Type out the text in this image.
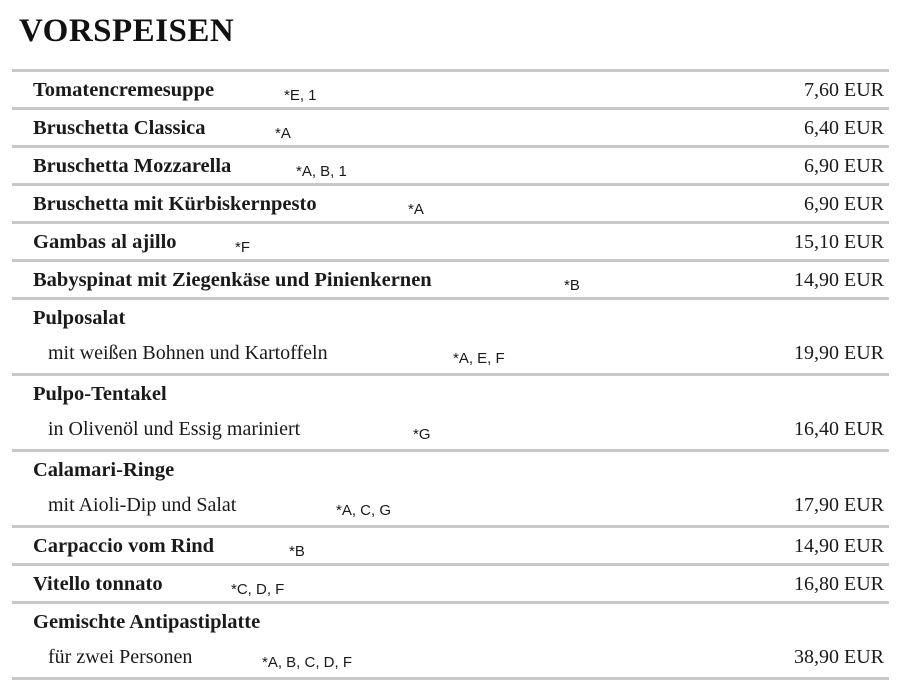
VORSPEISEN
Tomatencremesuppe	*E, 1	7,60 EUR
Bruschetta Classica	*A	6,40 EUR
Bruschetta Mozzarella	*A, B, 1	6,90 EUR
Bruschetta mit Kürbiskernpesto	*A	6,90 EUR
Gambas al ajillo	*F	15,10 EUR
Babyspinat mit Ziegenkäse und Pinienkernen	*B	14,90 EUR
Pulposalat
mit weißen Bohnen und Kartoffeln	*A, E, F	19,90 EUR
Pulpo-Tentakel
in Olivenöl und Essig mariniert	*G	16,40 EUR
Calamari-Ringe
mit Aioli-Dip und Salat	*A, C, G	17,90 EUR
Carpaccio vom Rind	*B	14,90 EUR
Vitello tonnato	*C, D, F	16,80 EUR
Gemischte Antipastiplatte
für zwei Personen	*A, B, C, D, F	38,90 EUR
